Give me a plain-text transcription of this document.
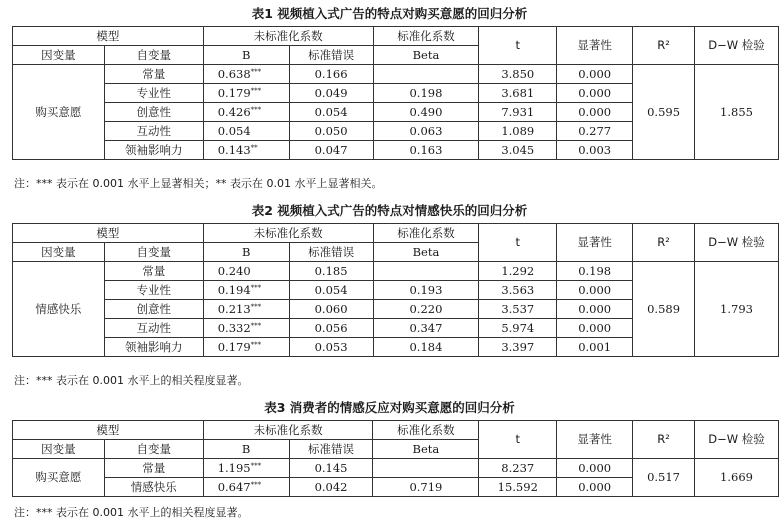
表1 视频植入式广告的特点对购买意愿的回归分析
模型		未标准化系数		标准化系数	t	显著性	R²	D−W 检验
因变量	自变量	B	标准错误	Beta				
购买意愿	常量	0.638***	0.166		3.850	0.000	0.595	1.855
	专业性	0.179***	0.049	0.198	3.681	0.000		
	创意性	0.426***	0.054	0.490	7.931	0.000		
	互动性	0.054	0.050	0.063	1.089	0.277		
	领袖影响力	0.143**	0.047	0.163	3.045	0.003		
注：*** 表示在 0.001 水平上显著相关；** 表示在 0.01 水平上显著相关。
表2 视频植入式广告的特点对情感快乐的回归分析
模型		未标准化系数		标准化系数	t	显著性	R²	D−W 检验
因变量	自变量	B	标准错误	Beta				
情感快乐	常量	0.240	0.185		1.292	0.198	0.589	1.793
	专业性	0.194***	0.054	0.193	3.563	0.000		
	创意性	0.213***	0.060	0.220	3.537	0.000		
	互动性	0.332***	0.056	0.347	5.974	0.000		
	领袖影响力	0.179***	0.053	0.184	3.397	0.001		
注：*** 表示在 0.001 水平上的相关程度显著。
表3 消费者的情感反应对购买意愿的回归分析
模型		未标准化系数		标准化系数	t	显著性	R²	D−W 检验
因变量	自变量	B	标准错误	Beta				
购买意愿	常量	1.195***	0.145		8.237	0.000	0.517	1.669
	情感快乐	0.647***	0.042	0.719	15.592	0.000		
注：*** 表示在 0.001 水平上的相关程度显著。
